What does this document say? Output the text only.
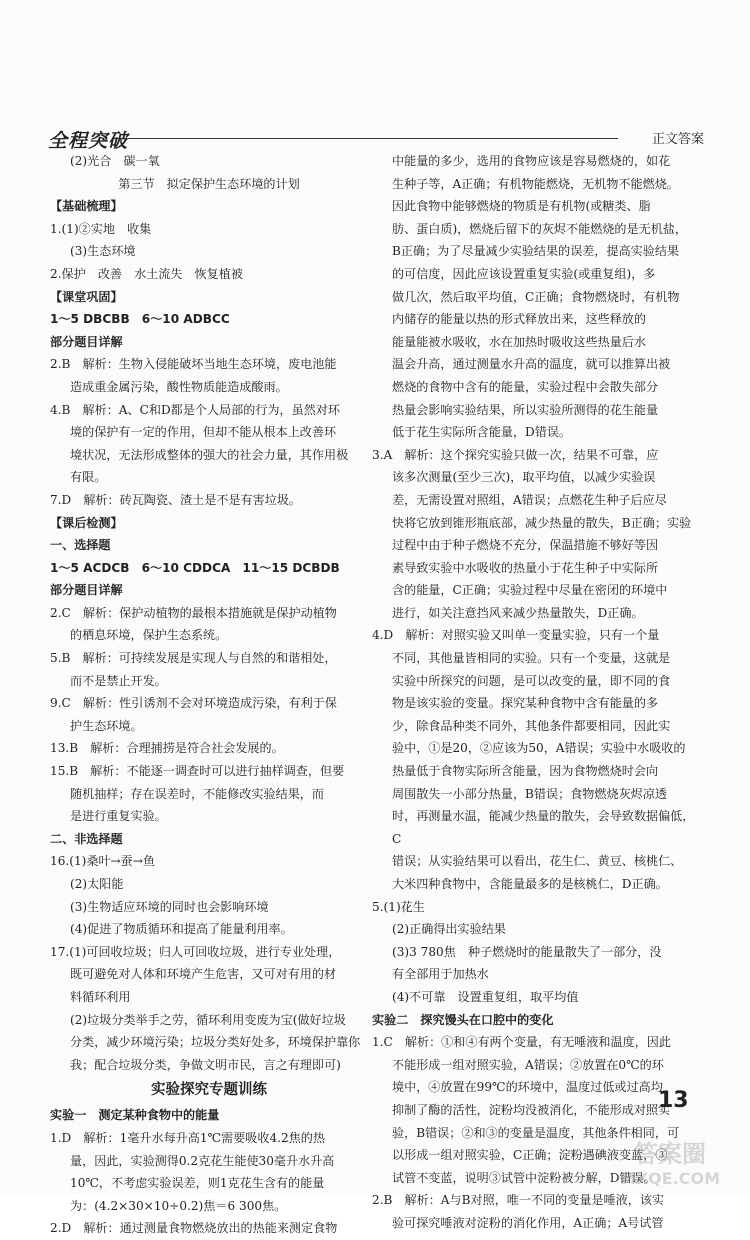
全程突破	正文答案

(2)光合　碳一氧

第三节　拟定保护生态环境的计划

【基础梳理】

1.(1)②实地　收集

(3)生态环境

2.保护　改善　水土流失　恢复植被

【课堂巩固】

1～5 DBCBB　6～10 ADBCC

部分题目详解

2.B　解析：生物入侵能破坏当地生态环境，废电池能

造成重金属污染，酸性物质能造成酸雨。

4.B　解析：A、C和D都是个人局部的行为，虽然对环

境的保护有一定的作用，但却不能从根本上改善环

境状况，无法形成整体的强大的社会力量，其作用极

有限。

7.D　解析：砖瓦陶瓷、渣土是不是有害垃圾。

【课后检测】

一、选择题

1～5 ACDCB　6～10 CDDCA　11～15 DCBDB

部分题目详解

2.C　解析：保护动植物的最根本措施就是保护动植物

的栖息环境，保护生态系统。

5.B　解析：可持续发展是实现人与自然的和谐相处，

而不是禁止开发。

9.C　解析：性引诱剂不会对环境造成污染，有利于保

护生态环境。

13.B　解析：合理捕捞是符合社会发展的。

15.B　解析：不能逐一调查时可以进行抽样调查，但要

随机抽样；存在误差时，不能修改实验结果，而

是进行重复实验。

二、非选择题

16.(1)桑叶→蚕→鱼

(2)太阳能

(3)生物适应环境的同时也会影响环境

(4)促进了物质循环和提高了能量利用率。

17.(1)可回收垃圾；归人可回收垃圾，进行专业处理，

既可避免对人体和环境产生危害，又可对有用的材

料循环利用

(2)垃圾分类举手之劳，循环利用变废为宝(做好垃圾

分类，减少环境污染；垃圾分类好处多，环境保护靠你

我；配合垃圾分类，争做文明市民，言之有理即可)

实验探究专题训练

实验一　测定某种食物中的能量

1.D　解析：1毫升水每升高1℃需要吸收4.2焦的热

量，因此，实验测得0.2克花生能使30毫升水升高

10℃，不考虑实验误差，则1克花生含有的能量

为：(4.2×30×10÷0.2)焦＝6 300焦。

2.D　解析：通过测量食物燃烧放出的热能来测定食物

中能量的多少，选用的食物应该是容易燃烧的，如花

生种子等，A正确；有机物能燃烧，无机物不能燃烧。

因此食物中能够燃烧的物质是有机物(或糖类、脂

肪、蛋白质)，燃烧后留下的灰烬不能燃烧的是无机盐，

B正确；为了尽量减少实验结果的误差，提高实验结果

的可信度，因此应该设置重复实验(或重复组)，多

做几次，然后取平均值，C正确；食物燃烧时，有机物

内储存的能量以热的形式释放出来，这些释放的

能量能被水吸收，水在加热时吸收这些热量后水

温会升高，通过测量水升高的温度，就可以推算出被

燃烧的食物中含有的能量，实验过程中会散失部分

热量会影响实验结果，所以实验所测得的花生能量

低于花生实际所含能量，D错误。

3.A　解析：这个探究实验只做一次，结果不可靠，应

该多次测量(至少三次)，取平均值，以减少实验误

差，无需设置对照组，A错误；点燃花生种子后应尽

快将它放到锥形瓶底部，减少热量的散失，B正确；实验

过程中由于种子燃烧不充分，保温措施不够好等因

素导致实验中水吸收的热量小于花生种子中实际所

含的能量，C正确；实验过程中尽量在密闭的环境中

进行，如关注意挡风来减少热量散失，D正确。

4.D　解析：对照实验又叫单一变量实验，只有一个量

不同，其他量皆相同的实验。只有一个变量，这就是

实验中所探究的问题，是可以改变的量，即不同的食

物是该实验的变量。探究某种食物中含有能量的多

少，除食品种类不同外，其他条件都要相同，因此实

验中，①是20，②应该为50，A错误；实验中水吸收的

热量低于食物实际所含能量，因为食物燃烧时会向

周围散失一小部分热量，B错误；食物燃烧灰烬凉透

时，再测量水温，能减少热量的散失，会导致数据偏低，C

错误；从实验结果可以看出，花生仁、黄豆、核桃仁、

大米四种食物中，含能量最多的是核桃仁，D正确。

5.(1)花生

(2)正确得出实验结果

(3)3 780焦　种子燃烧时的能量散失了一部分，没

有全部用于加热水

(4)不可靠　设置重复组，取平均值

实验二　探究馒头在口腔中的变化

1.C　解析：①和④有两个变量，有无唾液和温度，因此

不能形成一组对照实验，A错误；②放置在0℃的环

境中，④放置在99℃的环境中，温度过低或过高均

抑制了酶的活性，淀粉均没被消化，不能形成对照实

验，B错误；②和③的变量是温度，其他条件相同，可

以形成一组对照实验，C正确；淀粉遇碘液变蓝，③

试管不变蓝，说明③试管中淀粉被分解，D错误。

2.B　解析：A与B对照，唯一不同的变量是唾液，该实

验可探究唾液对淀粉的消化作用，A正确；A号试管

13
答案圈
MXQE.COM
